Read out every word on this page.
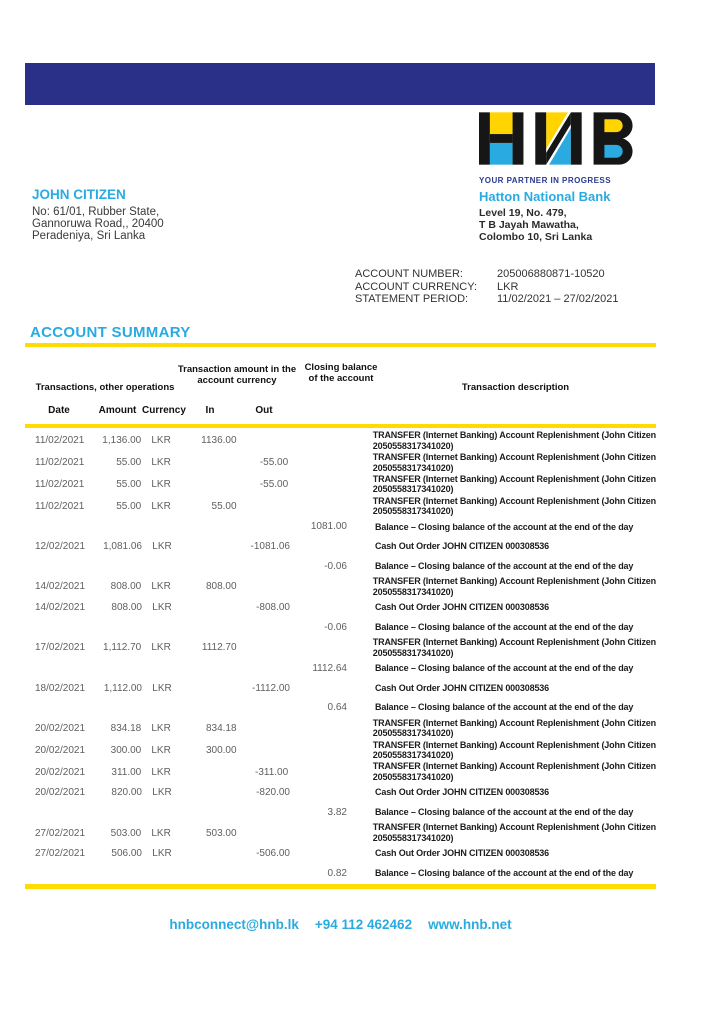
YOUR PARTNER IN PROGRESS
Hatton National Bank
Level 19, No. 479,
T B Jayah Mawatha,
Colombo 10, Sri Lanka
JOHN CITIZEN
No: 61/01, Rubber State,
Gannoruwa Road,, 20400
Peradeniya, Sri Lanka
ACCOUNT NUMBER:	205006880871-10520
ACCOUNT CURRENCY: LKR
STATEMENT PERIOD:	11/02/2021 – 27/02/2021
ACCOUNT SUMMARY
Transactions, other operations
Transaction amount in the
account currency
Closing balance
of the account
Transaction description
Date	Amount Currency	In	Out
11/02/2021	1,136.00	LKR	1136.00
TRANSFER (Internet Banking) Account Replenishment (John Citizen
2050558317341020)
11/02/2021	55.00	LKR	-55.00
TRANSFER (Internet Banking) Account Replenishment (John Citizen
2050558317341020)
11/02/2021	55.00	LKR	-55.00
TRANSFER (Internet Banking) Account Replenishment (John Citizen
2050558317341020)
11/02/2021	55.00	LKR	55.00
TRANSFER (Internet Banking) Account Replenishment (John Citizen
2050558317341020)
1081.00	Balance – Closing balance of the account at the end of the day
12/02/2021	1,081.06	LKR	-1081.06	Cash Out Order JOHN CITIZEN 000308536
-0.06	Balance – Closing balance of the account at the end of the day
14/02/2021	808.00	LKR	808.00
TRANSFER (Internet Banking) Account Replenishment (John Citizen
2050558317341020)
14/02/2021	808.00	LKR	-808.00	Cash Out Order JOHN CITIZEN 000308536
-0.06	Balance – Closing balance of the account at the end of the day
17/02/2021	1,112.70	LKR	1112.70
TRANSFER (Internet Banking) Account Replenishment (John Citizen
2050558317341020)
1112.64	Balance – Closing balance of the account at the end of the day
18/02/2021	1,112.00	LKR	-1112.00	Cash Out Order JOHN CITIZEN 000308536
0.64	Balance – Closing balance of the account at the end of the day
20/02/2021	834.18	LKR	834.18
TRANSFER (Internet Banking) Account Replenishment (John Citizen
2050558317341020)
20/02/2021	300.00	LKR	300.00
TRANSFER (Internet Banking) Account Replenishment (John Citizen
2050558317341020)
20/02/2021	311.00	LKR	-311.00
TRANSFER (Internet Banking) Account Replenishment (John Citizen
2050558317341020)
20/02/2021	820.00	LKR	-820.00	Cash Out Order JOHN CITIZEN 000308536
3.82	Balance – Closing balance of the account at the end of the day
27/02/2021	503.00	LKR	503.00
TRANSFER (Internet Banking) Account Replenishment (John Citizen
2050558317341020)
27/02/2021	506.00	LKR	-506.00	Cash Out Order JOHN CITIZEN 000308536
0.82	Balance – Closing balance of the account at the end of the day
hnbconnect@hnb.lk +94 112 462462 www.hnb.net
